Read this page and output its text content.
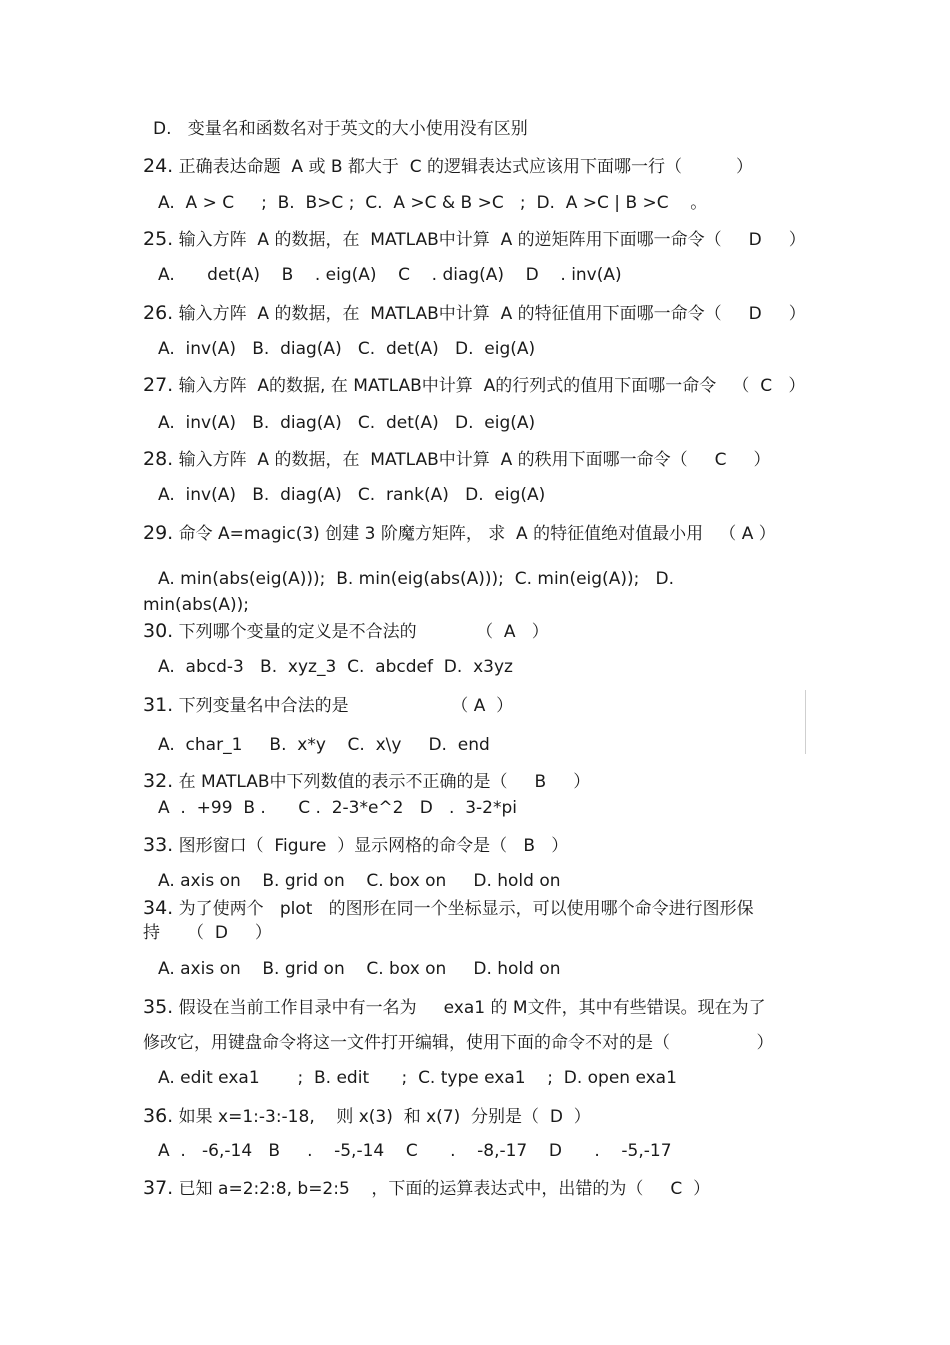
D.   变量名和函数名对于英文的大小使用没有区别
24. 正确表达命题  A 或 B 都大于  C 的逻辑表达式应该用下面哪一行（          ）
A.  A > C     ;  B.  B>C ;  C.  A >C & B >C   ;  D.  A >C | B >C    。
25. 输入方阵  A 的数据，在  MATLAB中计算  A 的逆矩阵用下面哪一命令（     D     ）
A.      det(A)    B    . eig(A)    C    . diag(A)    D    . inv(A)
26. 输入方阵  A 的数据，在  MATLAB中计算  A 的特征值用下面哪一命令（     D     ）
A.  inv(A)   B.  diag(A)   C.  det(A)   D.  eig(A)
27. 输入方阵  A的数据, 在 MATLAB中计算  A的行列式的值用下面哪一命令   （  C   ）
A.  inv(A)   B.  diag(A)   C.  det(A)   D.  eig(A)
28. 输入方阵  A 的数据，在  MATLAB中计算  A 的秩用下面哪一命令（     C     ）
A.  inv(A)   B.  diag(A)   C.  rank(A)   D.  eig(A)
29. 命令 A=magic(3) 创建 3 阶魔方矩阵， 求  A 的特征值绝对值最小用   （ A ）
A. min(abs(eig(A)));  B. min(eig(abs(A)));  C. min(eig(A));   D.
min(abs(A));
30. 下列哪个变量的定义是不合法的           （  A   ）
A.  abcd-3   B.  xyz_3  C.  abcdef  D.  x3yz
31. 下列变量名中合法的是                   （ A  ）
A.  char_1     B.  x*y    C.  x\y     D.  end
32. 在 MATLAB中下列数值的表示不正确的是（     B     ）
A  .  +99  B .      C .  2-3*e^2   D   .  3-2*pi
33. 图形窗口（  Figure  ）显示网格的命令是（   B   ）
A. axis on    B. grid on    C. box on     D. hold on
34. 为了使两个   plot   的图形在同一个坐标显示，可以使用哪个命令进行图形保
持     （  D     ）
A. axis on    B. grid on    C. box on     D. hold on
35. 假设在当前工作目录中有一名为     exa1 的 M文件，其中有些错误。现在为了
修改它，用键盘命令将这一文件打开编辑，使用下面的命令不对的是（                ）
A. edit exa1       ;  B. edit      ;  C. type exa1    ;  D. open exa1
36. 如果 x=1:-3:-18,    则 x(3)  和 x(7)  分别是（  D  ）
A  .   -6,-14   B     .    -5,-14    C      .    -8,-17    D      .    -5,-17
37. 已知 a=2:2:8, b=2:5    ，下面的运算表达式中，出错的为（     C  ）
